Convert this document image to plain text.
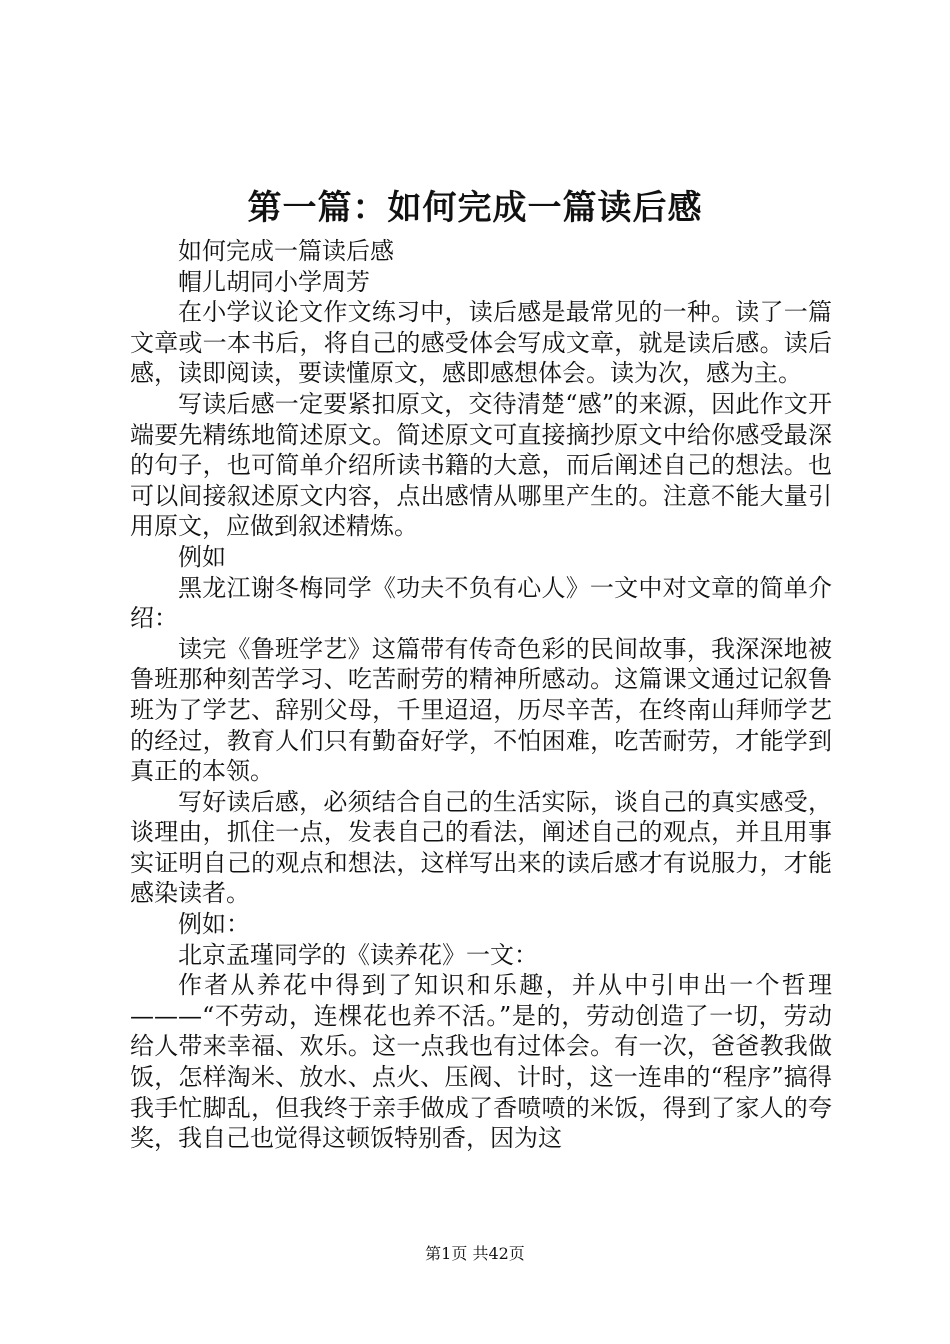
第一篇：如何完成一篇读后感

如何完成一篇读后感

帽儿胡同小学周芳

在小学议论文作文练习中，读后感是最常见的一种。读了一篇文章或一本书后，将自己的感受体会写成文章，就是读后感。读后感，读即阅读，要读懂原文，感即感想体会。读为次，感为主。

写读后感一定要紧扣原文，交待清楚“感”的来源，因此作文开端要先精练地简述原文。简述原文可直接摘抄原文中给你感受最深的句子，也可简单介绍所读书籍的大意，而后阐述自己的想法。也可以间接叙述原文内容，点出感情从哪里产生的。注意不能大量引用原文，应做到叙述精炼。

例如

黑龙江谢冬梅同学《功夫不负有心人》一文中对文章的简单介绍：

读完《鲁班学艺》这篇带有传奇色彩的民间故事，我深深地被鲁班那种刻苦学习、吃苦耐劳的精神所感动。这篇课文通过记叙鲁班为了学艺、辞别父母，千里迢迢，历尽辛苦，在终南山拜师学艺的经过，教育人们只有勤奋好学，不怕困难，吃苦耐劳，才能学到真正的本领。

写好读后感，必须结合自己的生活实际，谈自己的真实感受，谈理由，抓住一点，发表自己的看法，阐述自己的观点，并且用事实证明自己的观点和想法，这样写出来的读后感才有说服力，才能感染读者。

例如：

北京孟瑾同学的《读养花》一文：

作者从养花中得到了知识和乐趣，并从中引申出一个哲理———“不劳动，连棵花也养不活。”是的，劳动创造了一切，劳动给人带来幸福、欢乐。这一点我也有过体会。有一次，爸爸教我做饭，怎样淘米、放水、点火、压阀、计时，这一连串的“程序”搞得我手忙脚乱，但我终于亲手做成了香喷喷的米饭，得到了家人的夸奖，我自己也觉得这顿饭特别香，因为这

第1页 共42页
